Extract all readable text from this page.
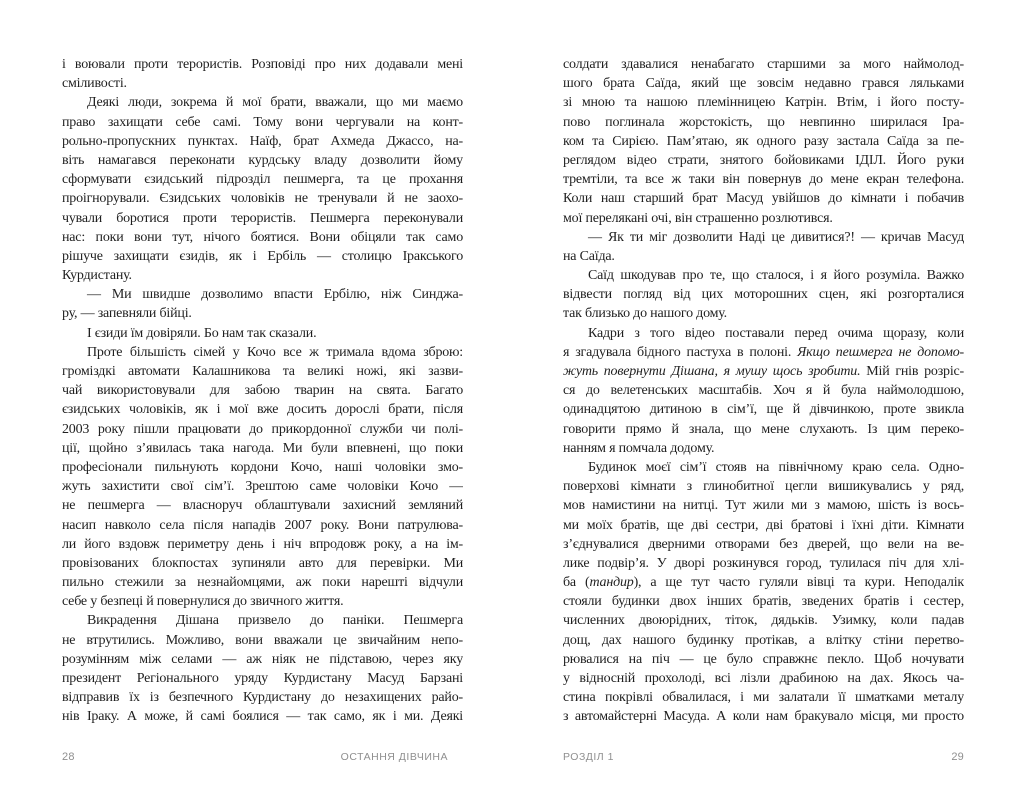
і воювали проти терористів. Розповіді про них додавали мені
сміливості.
Деякі люди, зокрема й мої брати, вважали, що ми маємо
право захищати себе самі. Тому вони чергували на конт-
рольно-пропускних пунктах. Наїф, брат Ахмеда Джассо, на-
віть намагався переконати курдську владу дозволити йому
сформувати єзидський підрозділ пешмерга, та це прохання
проігнорували. Єзидських чоловіків не тренували й не заохо-
чували боротися проти терористів. Пешмерга переконували
нас: поки вони тут, нічого боятися. Вони обіцяли так само
рішуче захищати єзидів, як і Ербіль — столицю Іракського
Курдистану.
— Ми швидше дозволимо впасти Ербілю, ніж Синджа-
ру, — запевняли бійці.
І єзиди їм довіряли. Бо нам так сказали.
Проте більшість сімей у Кочо все ж тримала вдома зброю:
громіздкі автомати Калашникова та великі ножі, які зазви-
чай використовували для забою тварин на свята. Багато
єзидських чоловіків, як і мої вже досить дорослі брати, після
2003 року пішли працювати до прикордонної служби чи полі-
ції, щойно з’явилась така нагода. Ми були впевнені, що поки
професіонали пильнують кордони Кочо, наші чоловіки змо-
жуть захистити свої сім’ї. Зрештою саме чоловіки Кочо —
не пешмерга — власноруч облаштували захисний земляний
насип навколо села після нападів 2007 року. Вони патрулюва-
ли його вздовж периметру день і ніч впродовж року, а на ім-
провізованих блокпостах зупиняли авто для перевірки. Ми
пильно стежили за незнайомцями, аж поки нарешті відчули
себе у безпеці й повернулися до звичного життя.
Викрадення Дішана призвело до паніки. Пешмерга
не втрутились. Можливо, вони вважали це звичайним непо-
розумінням між селами — аж ніяк не підставою, через яку
президент Регіонального уряду Курдистану Масуд Барзані
відправив їх із безпечного Курдистану до незахищених райо-
нів Іраку. А може, й самі боялися — так само, як і ми. Деякі
28	ОСТАННЯ ДІВЧИНА
солдати здавалися ненабагато старшими за мого наймолод-
шого брата Саїда, який ще зовсім недавно грався ляльками
зі мною та нашою племінницею Катрін. Втім, і його посту-
пово поглинала жорстокість, що невпинно ширилася Іра-
ком та Сирією. Пам’ятаю, як одного разу застала Саїда за пе-
реглядом відео страти, знятого бойовиками ІДІЛ. Його руки
тремтіли, та все ж таки він повернув до мене екран телефона.
Коли наш старший брат Масуд увійшов до кімнати і побачив
мої перелякані очі, він страшенно розлютився.
— Як ти міг дозволити Наді це дивитися?! — кричав Масуд
на Саїда.
Саїд шкодував про те, що сталося, і я його розуміла. Важко
відвести погляд від цих моторошних сцен, які розгорталися
так близько до нашого дому.
Кадри з того відео поставали перед очима щоразу, коли
я згадувала бідного пастуха в полоні. Якщо пешмерга не допомо-
жуть повернути Дішана, я мушу щось зробити. Мій гнів розріс-
ся до велетенських масштабів. Хоч я й була наймолодшою,
одинадцятою дитиною в сім’ї, ще й дівчинкою, проте звикла
говорити прямо й знала, що мене слухають. Із цим переко-
нанням я помчала додому.
Будинок моєї сім’ї стояв на північному краю села. Одно-
поверхові кімнати з глинобитної цегли вишикувались у ряд,
мов намистини на нитці. Тут жили ми з мамою, шість із вось-
ми моїх братів, ще дві сестри, дві братові і їхні діти. Кімнати
з’єднувалися дверними отворами без дверей, що вели на ве-
лике подвір’я. У дворі розкинувся город, тулилася піч для хлі-
ба (тандир), а ще тут часто гуляли вівці та кури. Неподалік
стояли будинки двох інших братів, зведених братів і сестер,
численних двоюрідних, тіток, дядьків. Узимку, коли падав
дощ, дах нашого будинку протікав, а влітку стіни перетво-
рювалися на піч — це було справжнє пекло. Щоб ночувати
у відносній прохолоді, всі лізли драбиною на дах. Якось ча-
стина покрівлі обвалилася, і ми залатали її шматками металу
з автомайстерні Масуда. А коли нам бракувало місця, ми просто
РОЗДІЛ 1	29
